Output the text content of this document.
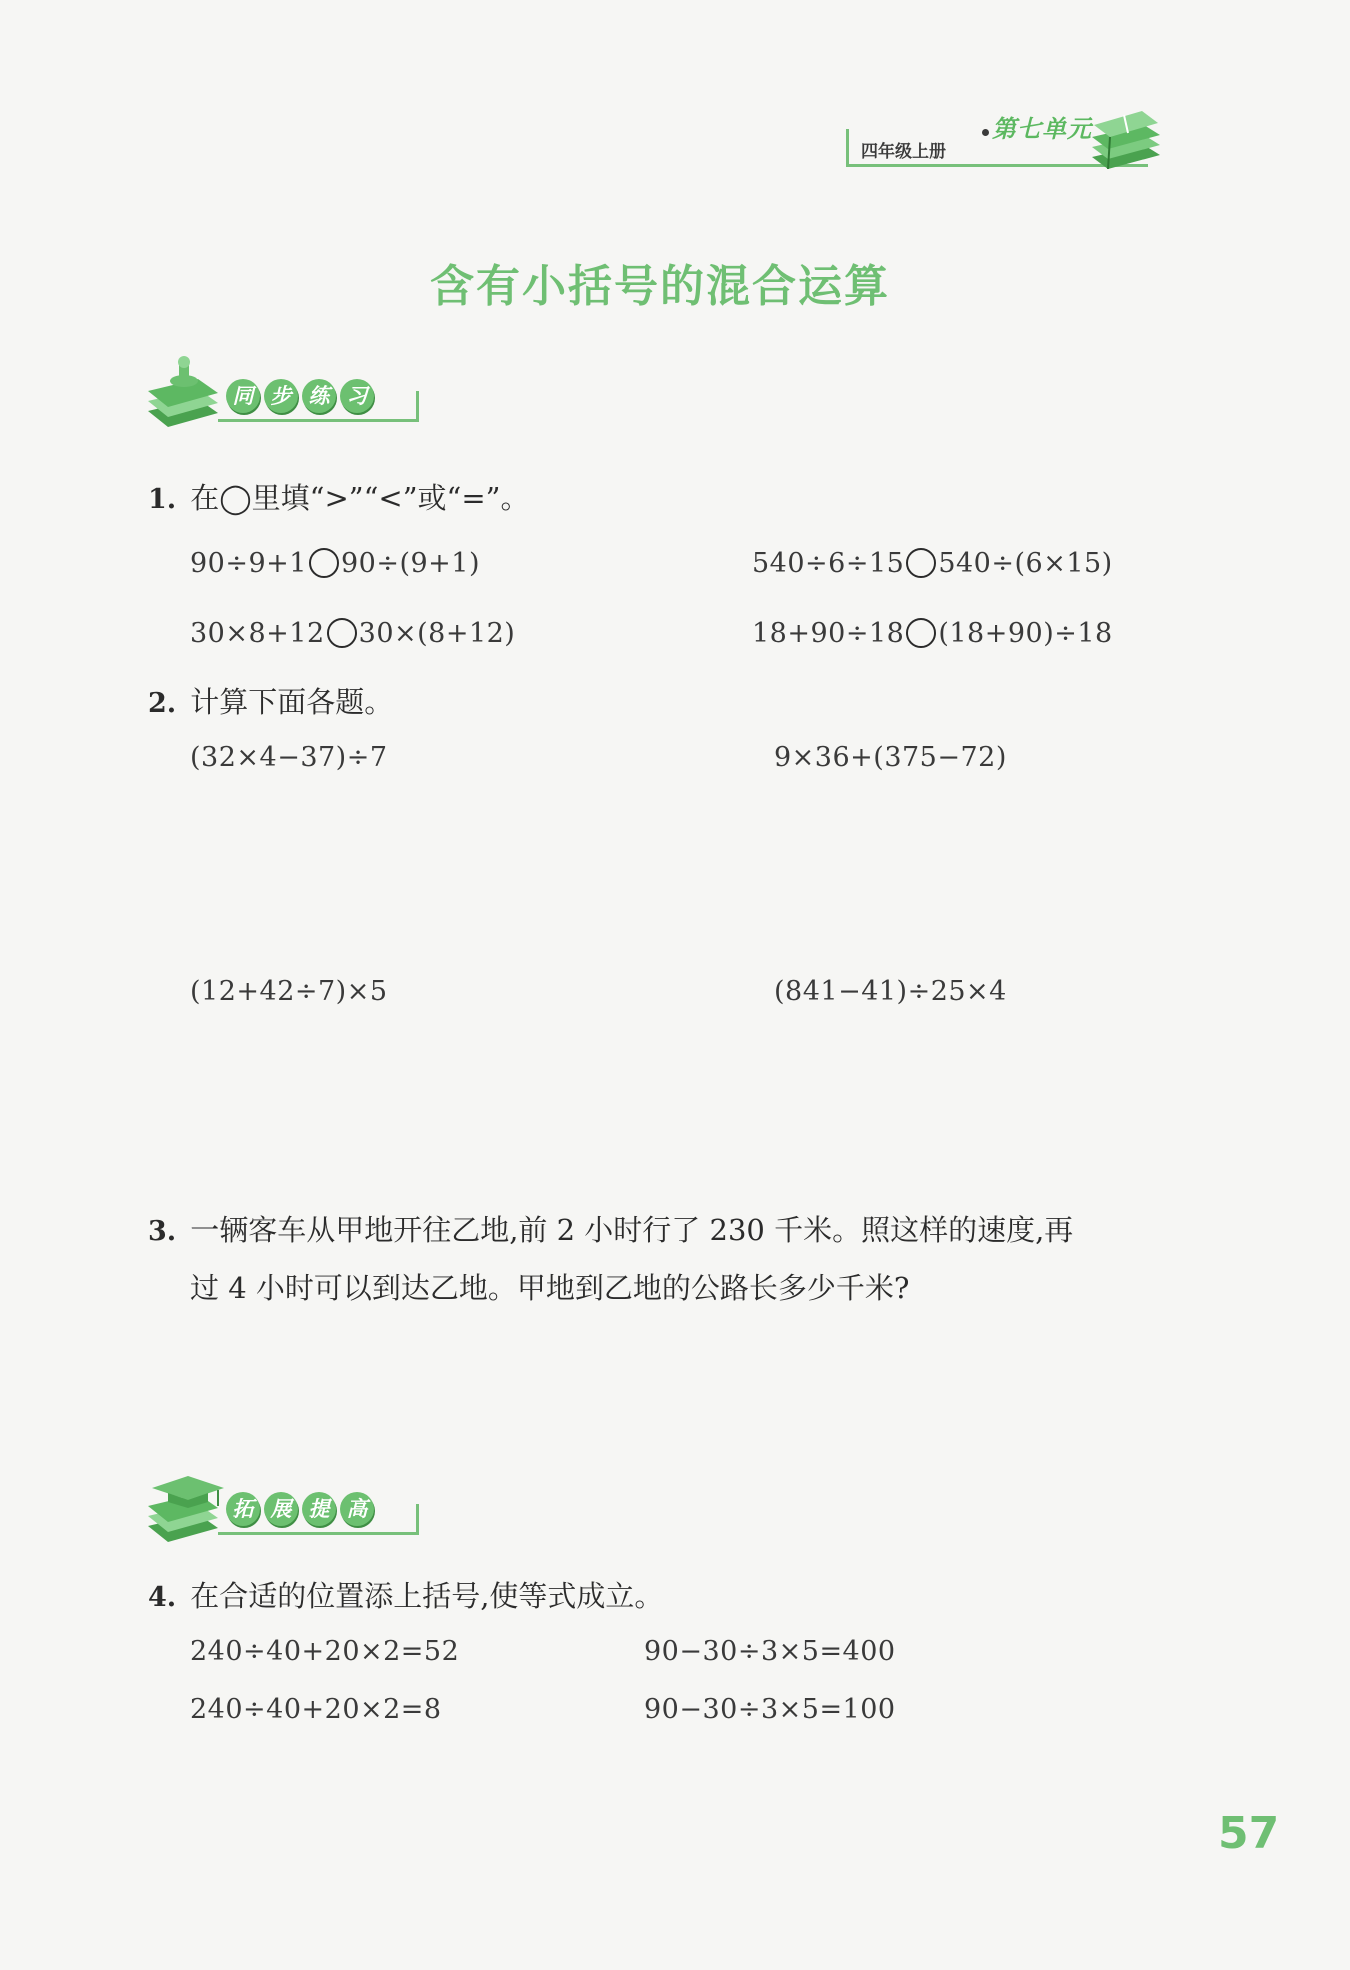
四年级上册
第七单元
含有小括号的混合运算
同 步 练 习
1. 在◯里填“>”“<”或“=”。
90÷9+1 90÷(9+1)	540÷6÷15 540÷(6×15)
30×8+12 30×(8+12)	18+90÷18 (18+90)÷18
2. 计算下面各题。
(32×4−37)÷7	9×36+(375−72)
(12+42÷7)×5	(841−41)÷25×4
3. 一辆客车从甲地开往乙地,前 2 小时行了 230 千米。照这样的速度,再
过 4 小时可以到达乙地。甲地到乙地的公路长多少千米?
拓 展 提 高
4. 在合适的位置添上括号,使等式成立。
240÷40+20×2=52	90−30÷3×5=400
240÷40+20×2=8	90−30÷3×5=100
57
